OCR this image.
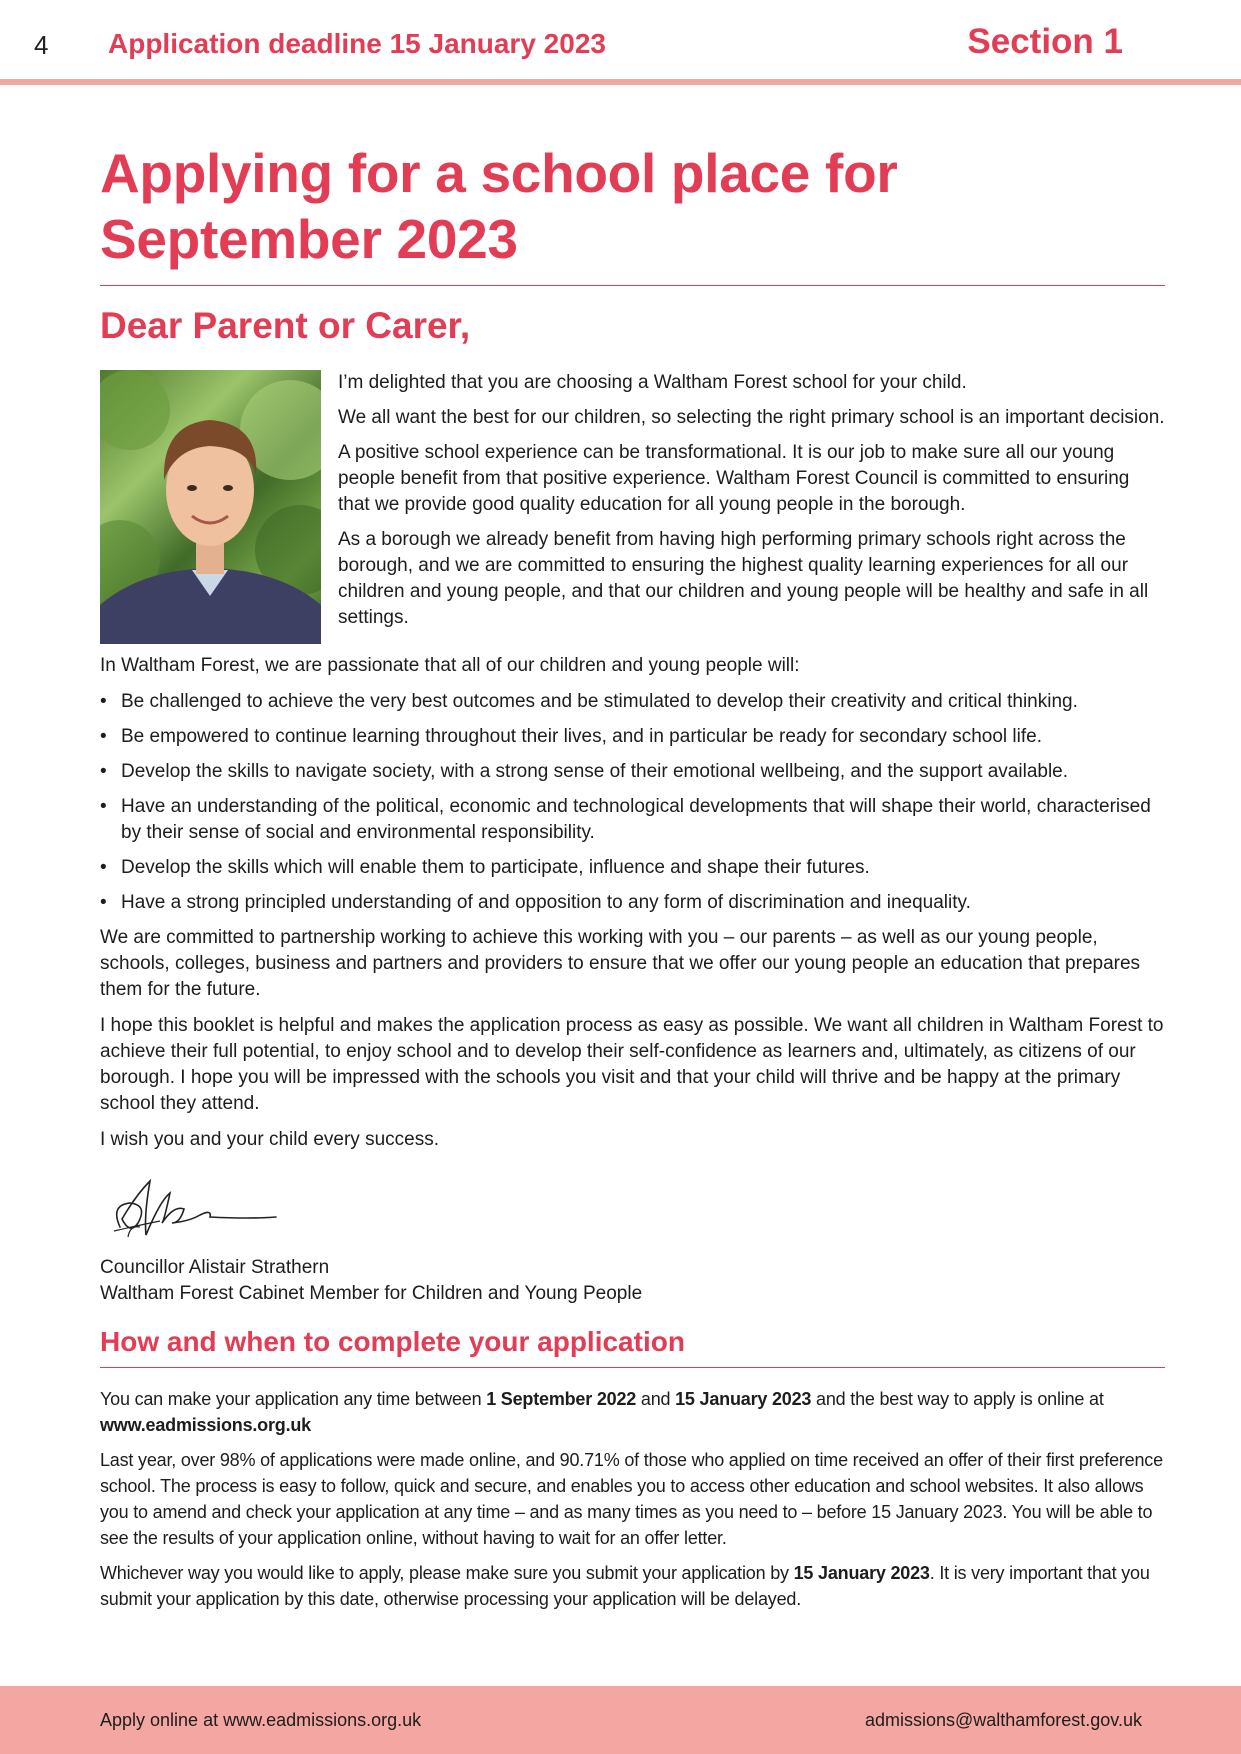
4 Application deadline 15 January 2023	Section 1
Applying for a school place for
September 2023
Dear Parent or Carer,

I’m delighted that you are choosing a Waltham Forest school for your child.

We all want the best for our children, so selecting the right primary school is an important decision.

A positive school experience can be transformational. It is our job to make sure all our young people benefit from that positive experience. Waltham Forest Council is committed to ensuring that we provide good quality education for all young people in the borough.

As a borough we already benefit from having high performing primary schools right across the borough, and we are committed to ensuring the highest quality learning experiences for all our children and young people, and that our children and young people will be healthy and safe in all settings.

In Waltham Forest, we are passionate that all of our children and young people will:

• Be challenged to achieve the very best outcomes and be stimulated to develop their creativity and critical thinking.
• Be empowered to continue learning throughout their lives, and in particular be ready for secondary school life.
• Develop the skills to navigate society, with a strong sense of their emotional wellbeing, and the support available.
• Have an understanding of the political, economic and technological developments that will shape their world, characterised by their sense of social and environmental responsibility.
• Develop the skills which will enable them to participate, influence and shape their futures.
• Have a strong principled understanding of and opposition to any form of discrimination and inequality.

We are committed to partnership working to achieve this working with you – our parents – as well as our young people, schools, colleges, business and partners and providers to ensure that we offer our young people an education that prepares them for the future.

I hope this booklet is helpful and makes the application process as easy as possible. We want all children in Waltham Forest to achieve their full potential, to enjoy school and to develop their self-confidence as learners and, ultimately, as citizens of our borough. I hope you will be impressed with the schools you visit and that your child will thrive and be happy at the primary school they attend.

I wish you and your child every success.

Councillor Alistair Strathern

Waltham Forest Cabinet Member for Children and Young People

How and when to complete your application

You can make your application any time between 1 September 2022 and 15 January 2023 and the best way to apply is online at www.eadmissions.org.uk

Last year, over 98% of applications were made online, and 90.71% of those who applied on time received an offer of their first preference school. The process is easy to follow, quick and secure, and enables you to access other education and school websites. It also allows you to amend and check your application at any time – and as many times as you need to – before 15 January 2023. You will be able to see the results of your application online, without having to wait for an offer letter.

Whichever way you would like to apply, please make sure you submit your application by 15 January 2023. It is very important that you submit your application by this date, otherwise processing your application will be delayed.

Apply online at www.eadmissions.org.uk	admissions@walthamforest.gov.uk
